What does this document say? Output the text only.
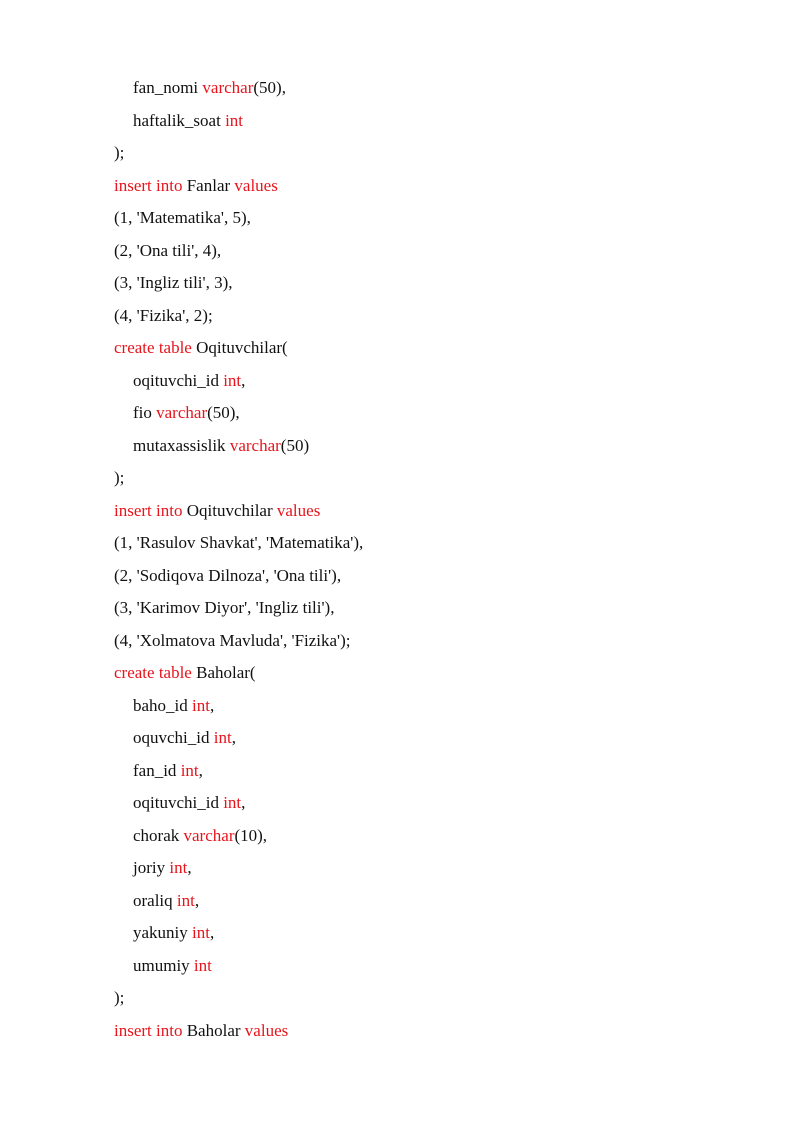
fan_nomi varchar(50),
haftalik_soat int
);
insert into Fanlar values
(1, 'Matematika', 5),
(2, 'Ona tili', 4),
(3, 'Ingliz tili', 3),
(4, 'Fizika', 2);
create table Oqituvchilar(
oqituvchi_id int,
fio varchar(50),
mutaxassislik varchar(50)
);
insert into Oqituvchilar values
(1, 'Rasulov Shavkat', 'Matematika'),
(2, 'Sodiqova Dilnoza', 'Ona tili'),
(3, 'Karimov Diyor', 'Ingliz tili'),
(4, 'Xolmatova Mavluda', 'Fizika');
create table Baholar(
baho_id int,
oquvchi_id int,
fan_id int,
oqituvchi_id int,
chorak varchar(10),
joriy int,
oraliq int,
yakuniy int,
umumiy int
);
insert into Baholar values
